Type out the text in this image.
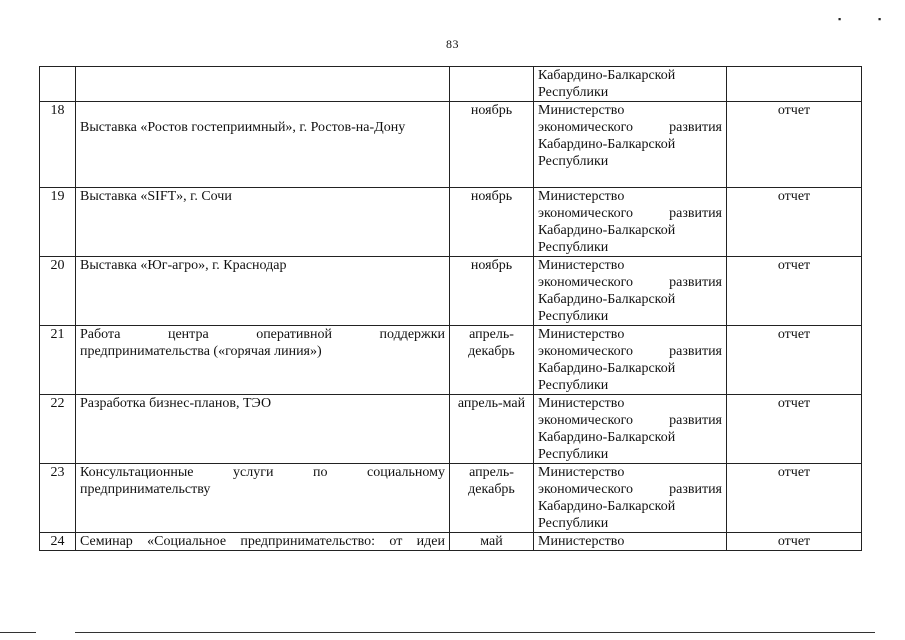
83

			Кабардино-Балкарской
Республики	

18	Выставка «Ростов гостеприимный», г. Ростов-на-Дону	ноябрь	Министерство
экономического развития
Кабардино-Балкарской
Республики	отчет
19	Выставка «SIFT», г. Сочи	ноябрь	Министерство
экономического развития
Кабардино-Балкарской
Республики	отчет
20	Выставка «Юг-агро», г. Краснодар	ноябрь	Министерство
экономического развития
Кабардино-Балкарской
Республики	отчет
21	Работа центра оперативной поддержки
предпринимательства («горячая линия»)	апрель-
декабрь	Министерство
экономического развития
Кабардино-Балкарской
Республики	отчет
22	Разработка бизнес-планов, ТЭО	апрель-май	Министерство
экономического развития
Кабардино-Балкарской
Республики	отчет
23	Консультационные услуги по социальному
предпринимательству	апрель-
декабрь	Министерство
экономического развития
Кабардино-Балкарской
Республики	отчет
24	Семинар «Социальное предпринимательство: от идеи	май	Министерство	отчет
▪	▪
